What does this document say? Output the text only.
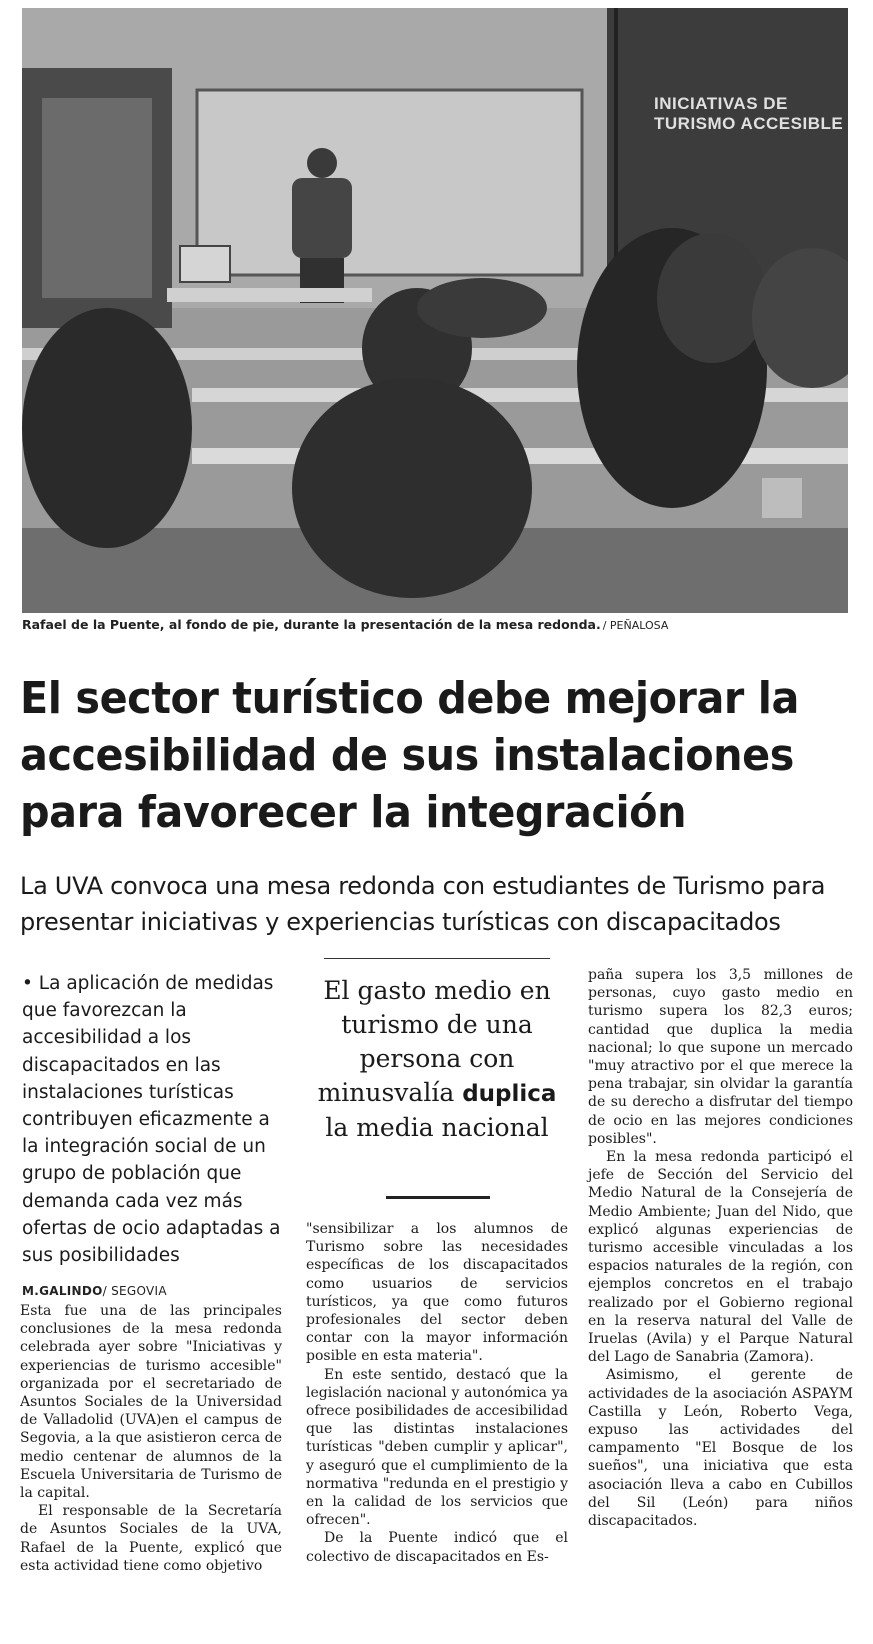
INICIATIVAS DE TURISMO ACCESIBLE
Rafael de la Puente, al fondo de pie, durante la presentación de la mesa redonda. / PEÑALOSA
El sector turístico debe mejorar la accesibilidad de sus instalaciones para favorecer la integración
La UVA convoca una mesa redonda con estudiantes de Turismo para presentar iniciativas y experiencias turísticas con discapacitados
• La aplicación de medidas que favorezcan la accesibilidad a los discapacitados en las instalaciones turísticas contribuyen eficazmente a la integración social de un grupo de población que demanda cada vez más ofertas de ocio adaptadas a sus posibilidades
M.GALINDO/ SEGOVIA

Esta fue una de las principales conclusiones de la mesa redonda celebrada ayer sobre "Iniciativas y experiencias de turismo accesible" organizada por el secretariado de Asuntos Sociales de la Universidad de Valladolid (UVA)en el campus de Segovia, a la que asistieron cerca de medio centenar de alumnos de la Escuela Universitaria de Turismo de la capital.

El responsable de la Secretaría de Asuntos Sociales de la UVA, Rafael de la Puente, explicó que esta actividad tiene como objetivo

El gasto medio en turismo de una persona con minusvalía duplica la media nacional

"sensibilizar a los alumnos de Turismo sobre las necesidades específicas de los discapacitados como usuarios de servicios turísticos, ya que como futuros profesionales del sector deben contar con la mayor información posible en esta materia".

En este sentido, destacó que la legislación nacional y autonómica ya ofrece posibilidades de accesibilidad que las distintas instalaciones turísticas "deben cumplir y aplicar", y aseguró que el cumplimiento de la normativa "redunda en el prestigio y en la calidad de los servicios que ofrecen".

De la Puente indicó que el colectivo de discapacitados en Es-

paña supera los 3,5 millones de personas, cuyo gasto medio en turismo supera los 82,3 euros; cantidad que duplica la media nacional; lo que supone un mercado "muy atractivo por el que merece la pena trabajar, sin olvidar la garantía de su derecho a disfrutar del tiempo de ocio en las mejores condiciones posibles".

En la mesa redonda participó el jefe de Sección del Servicio del Medio Natural de la Consejería de Medio Ambiente; Juan del Nido, que explicó algunas experiencias de turismo accesible vinculadas a los espacios naturales de la región, con ejemplos concretos en el trabajo realizado por el Gobierno regional en la reserva natural del Valle de Iruelas (Avila) y el Parque Natural del Lago de Sanabria (Zamora).

Asimismo, el gerente de actividades de la asociación ASPAYM Castilla y León, Roberto Vega, expuso las actividades del campamento "El Bosque de los sueños", una iniciativa que esta asociación lleva a cabo en Cubillos del Sil (León) para niños discapacitados.
